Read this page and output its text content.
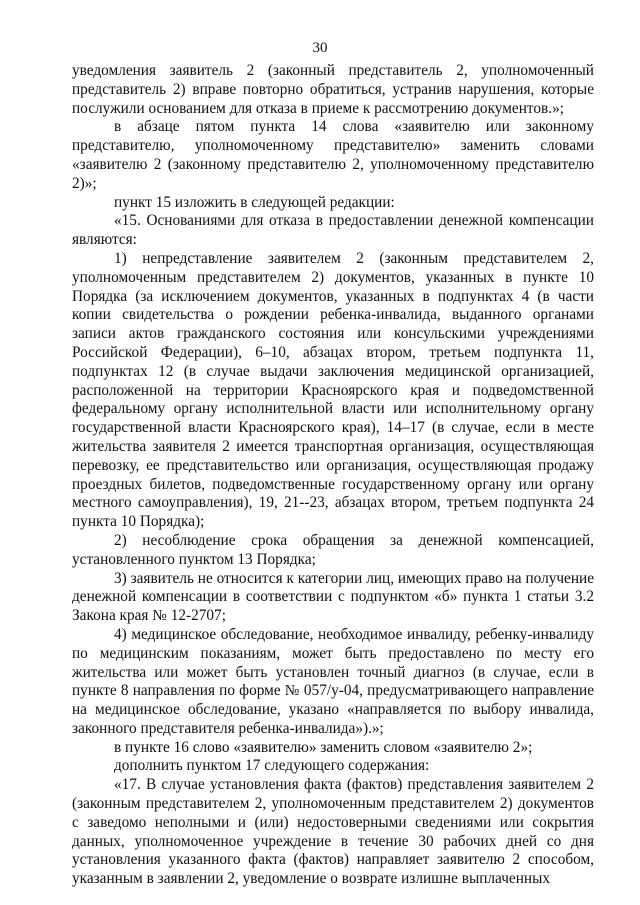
30

уведомления заявитель 2 (законный представитель 2, уполномоченный представитель 2) вправе повторно обратиться, устранив нарушения, которые послужили основанием для отказа в приеме к рассмотрению документов.»;

в абзаце пятом пункта 14 слова «заявителю или законному представителю, уполномоченному представителю» заменить словами «заявителю 2 (законному представителю 2, уполномоченному представителю 2)»;

пункт 15 изложить в следующей редакции:

«15. Основаниями для отказа в предоставлении денежной компенсации являются:

1) непредставление заявителем 2 (законным представителем 2, уполномоченным представителем 2) документов, указанных в пункте 10 Порядка (за исключением документов, указанных в подпунктах 4 (в части копии свидетельства о рождении ребенка-инвалида, выданного органами записи актов гражданского состояния или консульскими учреждениями Российской Федерации), 6–10, абзацах втором, третьем подпункта 11, подпунктах 12 (в случае выдачи заключения медицинской организацией, расположенной на территории Красноярского края и подведомственной федеральному органу исполнительной власти или исполнительному органу государственной власти Красноярского края), 14–17 (в случае, если в месте жительства заявителя 2 имеется транспортная организация, осуществляющая перевозку, ее представительство или организация, осуществляющая продажу проездных билетов, подведомственные государственному органу или органу местного самоуправления), 19, 21--23, абзацах втором, третьем подпункта 24 пункта 10 Порядка);

2) несоблюдение срока обращения за денежной компенсацией, установленного пунктом 13 Порядка;

3) заявитель не относится к категории лиц, имеющих право на получение денежной компенсации в соответствии с подпунктом «б» пункта 1 статьи 3.2 Закона края № 12-2707;

4) медицинское обследование, необходимое инвалиду, ребенку-инвалиду по медицинским показаниям, может быть предоставлено по месту его жительства или может быть установлен точный диагноз (в случае, если в пункте 8 направления по форме № 057/у-04, предусматривающего направление на медицинское обследование, указано «направляется по выбору инвалида, законного представителя ребенка-инвалида»).»;

в пункте 16 слово «заявителю» заменить словом «заявителю 2»;

дополнить пунктом 17 следующего содержания:

«17. В случае установления факта (фактов) представления заявителем 2 (законным представителем 2, уполномоченным представителем 2) документов с заведомо неполными и (или) недостоверными сведениями или сокрытия данных, уполномоченное учреждение в течение 30 рабочих дней со дня установления указанного факта (фактов) направляет заявителю 2 способом, указанным в заявлении 2, уведомление о возврате излишне выплаченных
